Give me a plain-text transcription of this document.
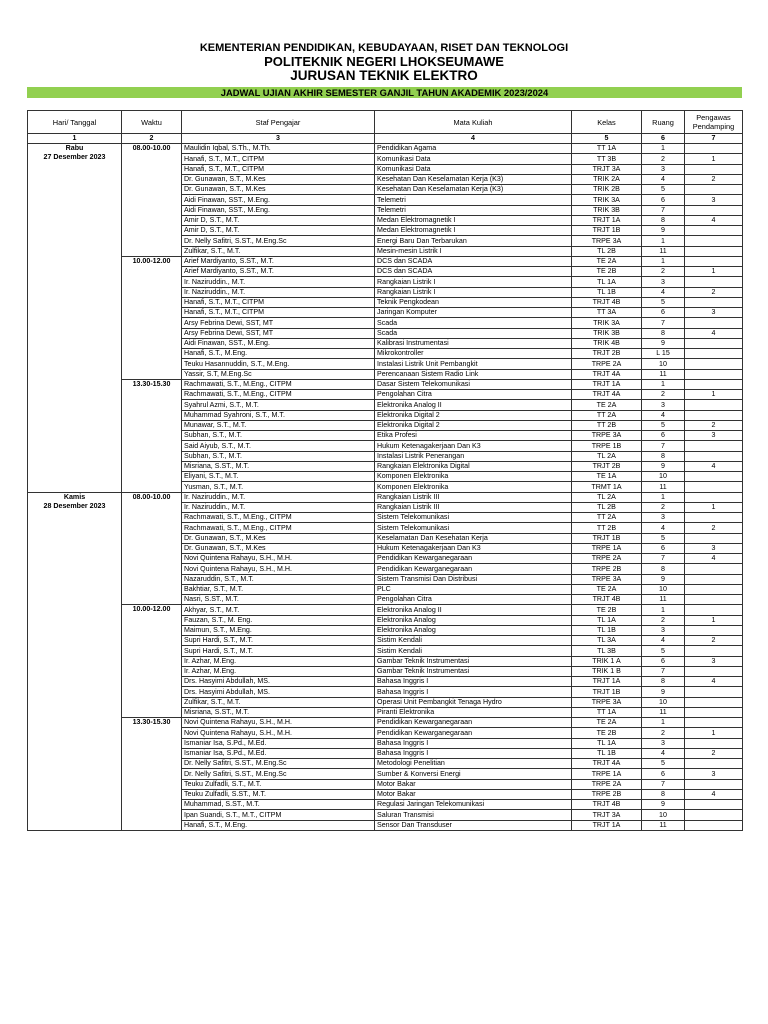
KEMENTERIAN PENDIDIKAN, KEBUDAYAAN, RISET DAN TEKNOLOGI
POLITEKNIK NEGERI LHOKSEUMAWE
JURUSAN TEKNIK ELEKTRO
JADWAL UJIAN AKHIR SEMESTER GANJIL TAHUN AKADEMIK 2023/2024
Hari/ Tanggal	Waktu	Staf Pengajar	Mata Kuliah	Kelas	Ruang	Pengawas Pendamping
1	2	3	4	5	6	7

Rabu
27 Desember 2023	08.00-10.00	Maulidin Iqbal, S.Th., M.Th.	Pendidikan Agama	TT 1A	1	
		Hanafi, S.T., M.T., CITPM	Komunikasi Data	TT 3B	2	1
		Hanafi, S.T., M.T., CITPM	Komunikasi Data	TRJT 3A	3	
		Dr. Gunawan, S.T., M.Kes	Kesehatan Dan Keselamatan Kerja (K3)	TRIK 2A	4	2
		Dr. Gunawan, S.T., M.Kes	Kesehatan Dan Keselamatan Kerja (K3)	TRIK 2B	5	
		Aidi Finawan, SST., M.Eng.	Telemetri	TRIK 3A	6	3
		Aidi Finawan, SST., M.Eng.	Telemetri	TRIK 3B	7	
		Amir D, S.T., M.T.	Medan Elektromagnetik I	TRJT 1A	8	4
		Amir D, S.T., M.T.	Medan Elektromagnetik I	TRJT 1B	9	
		Dr. Nelly Safitri, S.ST., M.Eng.Sc	Energi Baru Dan Terbarukan	TRPE 3A	1	
		Zulfikar, S.T., M.T.	Mesin-mesin Listrik I	TL 2B	11	
	10.00-12.00	Arief Mardiyanto, S.ST., M.T.	DCS dan SCADA	TE 2A	1	
		Arief Mardiyanto, S.ST., M.T.	DCS dan SCADA	TE 2B	2	1
		Ir. Naziruddin., M.T.	Rangkaian Listrik I	TL 1A	3	
		Ir. Naziruddin., M.T.	Rangkaian Listrik I	TL 1B	4	2
		Hanafi, S.T., M.T., CITPM	Teknik Pengkodean	TRJT 4B	5	
		Hanafi, S.T., M.T., CITPM	Jaringan Komputer	TT 3A	6	3
		Arsy Febrina Dewi, SST, MT	Scada	TRIK 3A	7	
		Arsy Febrina Dewi, SST, MT	Scada	TRIK 3B	8	4
		Aidi Finawan, SST., M.Eng.	Kalibrasi Instrumentasi	TRIK 4B	9	
		Hanafi, S.T., M.Eng.	Mikrokontroller	TRJT 2B	L 15	
		Teuku Hasannuddin, S.T., M.Eng.	Instalasi Listrik Unit Pembangkit	TRPE 2A	10	
		Yassir, S.T, M.Eng.Sc	Perencanaan Sistem Radio Link	TRJT 4A	11	
	13.30-15.30	Rachmawati, S.T., M.Eng., CITPM	Dasar Sistem Telekomunikasi	TRJT 1A	1	
		Rachmawati, S.T., M.Eng., CITPM	Pengolahan Citra	TRJT 4A	2	1
		Syahrul Azmi, S.T., M.T.	Elektronika Analog II	TE 2A	3	
		Muhammad Syahroni, S.T., M.T.	Elektronika Digital 2	TT 2A	4	
		Munawar, S.T., M.T.	Elektronika Digital 2	TT 2B	5	2
		Subhan, S.T., M.T.	Etika Profesi	TRPE 3A	6	3
		Said Aiyub, S.T., M.T.	Hukum Ketenagakerjaan Dan K3	TRPE 1B	7	
		Subhan, S.T., M.T.	Instalasi Listrik Penerangan	TL 2A	8	
		Misriana, S.ST., M.T.	Rangkaian Elektronika Digital	TRJT 2B	9	4
		Eliyani, S.T., M.T.	Komponen Elektronika	TE 1A	10	
		Yusman, S.T., M.T.	Komponen Elektronika	TRMT 1A	11	

Kamis
28 Desember 2023	08.00-10.00	Ir. Naziruddin., M.T.	Rangkaian Listrik III	TL 2A	1	
		Ir. Naziruddin., M.T.	Rangkaian Listrik III	TL 2B	2	1
		Rachmawati, S.T., M.Eng., CITPM	Sistem Telekomunikasi	TT 2A	3	
		Rachmawati, S.T., M.Eng., CITPM	Sistem Telekomunikasi	TT 2B	4	2
		Dr. Gunawan, S.T., M.Kes	Keselamatan Dan Kesehatan Kerja	TRJT 1B	5	
		Dr. Gunawan, S.T., M.Kes	Hukum Ketenagakerjaan Dan K3	TRPE 1A	6	3
		Novi Quintena Rahayu, S.H., M.H.	Pendidikan Kewarganegaraan	TRPE 2A	7	4
		Novi Quintena Rahayu, S.H., M.H.	Pendidikan Kewarganegaraan	TRPE 2B	8	
		Nazaruddin, S.T., M.T.	Sistem Transmisi Dan Distribusi	TRPE 3A	9	
		Bakhtiar, S.T., M.T.	PLC	TE 2A	10	
		Nasri, S.ST., M.T.	Pengolahan Citra	TRJT 4B	11	
	10.00-12.00	Akhyar, S.T., M.T.	Elektronika Analog II	TE 2B	1	
		Fauzan, S.T., M. Eng.	Elektronika Analog	TL 1A	2	1
		Maimun, S.T., M.Eng.	Elektronika Analog	TL 1B	3	
		Supri Hardi, S.T., M.T.	Sistim Kendali	TL 3A	4	2
		Supri Hardi, S.T., M.T.	Sistim Kendali	TL 3B	5	
		Ir. Azhar, M.Eng.	Gambar Teknik Instrumentasi	TRIK 1 A	6	3
		Ir. Azhar, M.Eng.	Gambar Teknik Instrumentasi	TRIK 1 B	7	
		Drs. Hasyimi Abdullah, MS.	Bahasa Inggris I	TRJT 1A	8	4
		Drs. Hasyimi Abdullah, MS.	Bahasa Inggris I	TRJT 1B	9	
		Zulfikar, S.T., M.T.	Operasi Unit Pembangkit Tenaga Hydro	TRPE 3A	10	
		Misriana, S.ST., M.T.	Piranti Elektronika	TT 1A	11	
	13.30-15.30	Novi Quintena Rahayu, S.H., M.H.	Pendidikan Kewarganegaraan	TE 2A	1	
		Novi Quintena Rahayu, S.H., M.H.	Pendidikan Kewarganegaraan	TE 2B	2	1
		Ismaniar Isa, S.Pd., M.Ed.	Bahasa Inggris I	TL 1A	3	
		Ismaniar Isa, S.Pd., M.Ed.	Bahasa Inggris I	TL 1B	4	2
		Dr. Nelly Safitri, S.ST., M.Eng.Sc	Metodologi Penelitian	TRJT 4A	5	
		Dr. Nelly Safitri, S.ST., M.Eng.Sc	Sumber & Konversi Energi	TRPE 1A	6	3
		Teuku Zulfadli, S.T., M.T.	Motor Bakar	TRPE 2A	7	
		Teuku Zulfadli, S.ST., M.T.	Motor Bakar	TRPE 2B	8	4
		Muhammad, S.ST., M.T.	Regulasi Jaringan Telekomunikasi	TRJT 4B	9	
		Ipan Suandi, S.T., M.T., CITPM	Saluran Transmisi	TRJT 3A	10	
		Hanafi, S.T., M.Eng.	Sensor Dan Transduser	TRJT 1A	11	
